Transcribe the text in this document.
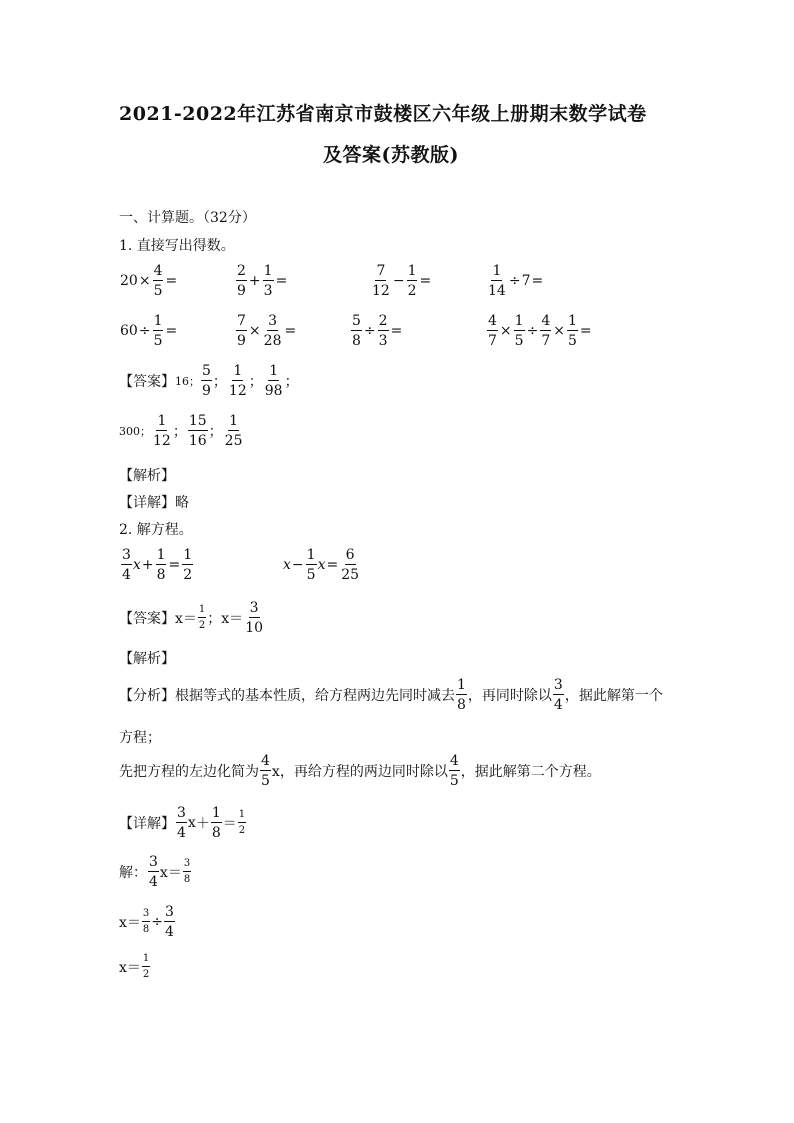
2021-2022年江苏省南京市鼓楼区六年级上册期末数学试卷
及答案(苏教版)
一、计算题。（32分）
1. 直接写出得数。
$20 \times \frac{4}{5}$ =	$\frac{2}{9} + \frac{1}{3}$ =	$\frac{7}{12} - \frac{1}{2}$ =	$\frac{1}{14} \div 7$ =
$60 \div \frac{1}{5}$ =	$\frac{7}{9} \times \frac{3}{28}$ =	$\frac{5}{8} \div \frac{2}{3}$ =	$\frac{4}{7} \times \frac{1}{5} \div \frac{4}{7} \times \frac{1}{5}$ =
【答案】 16； $\frac{5}{9}$ ； $\frac{1}{12}$ ； $\frac{1}{98}$ ；
300； $\frac{1}{12}$ ； $\frac{15}{16}$ ； $\frac{1}{25}$
【解析】
【详解】略
2. 解方程。
$\frac{3}{4}$ $x + \frac{1}{8} = \frac{1}{2}$	$x - \frac{1}{5}$ $x = \frac{6}{25}$
【答案】 $x= \frac{1}{2}$ ； $x= \frac{3}{10}$
【解析】
【分析】 根据等式的基本性质，给方程两边先同时减去 $\frac{1}{8}$ ，再同时除以 $\frac{3}{4}$ ，据此解第一个
方程；
先把方程的左边化简为 $\frac{4}{5}$ x，再给方程的两边同时除以 $\frac{4}{5}$ ，据此解第二个方程。
【详解】 $\frac{3}{4}$ $x + \frac{1}{8} = \frac{1}{2}$
解： $\frac{3}{4} x= \frac{3}{8}$
$x= \frac{3}{8} \div \frac{3}{4}$
$x= \frac{1}{2}$
